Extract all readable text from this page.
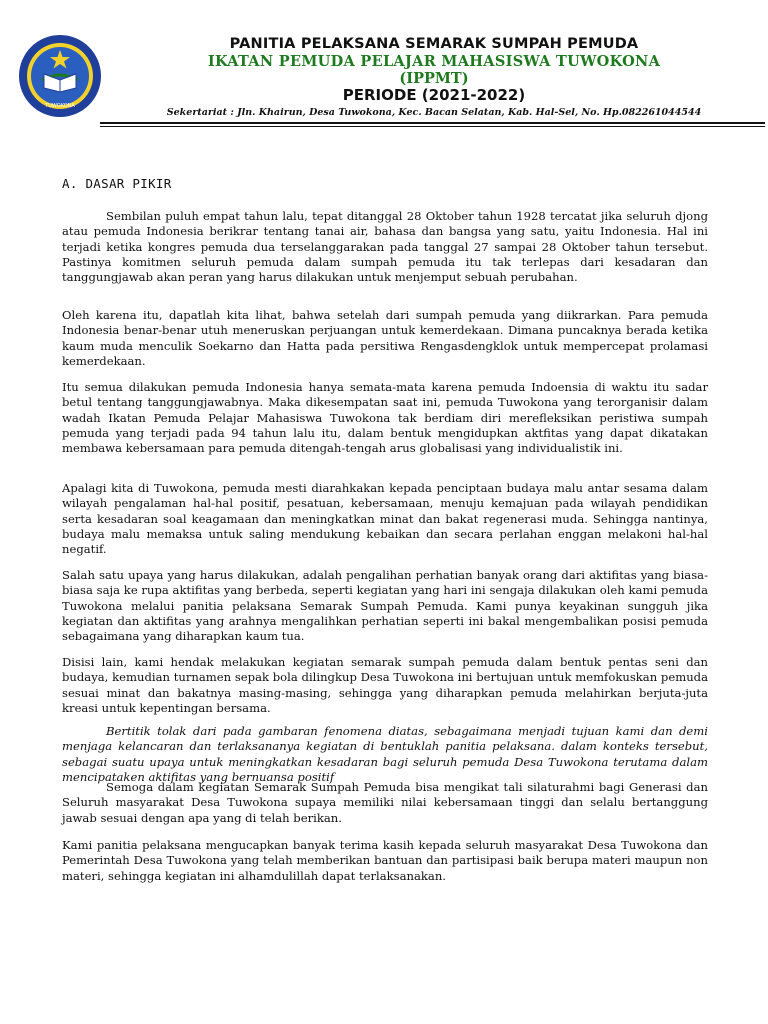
TUWOKONA
PANITIA PELAKSANA SEMARAK SUMPAH PEMUDA
IKATAN PEMUDA PELAJAR MAHASISWA TUWOKONA
(IPPMT)
PERIODE (2021-2022)
Sekertariat : Jln. Khairun, Desa Tuwokona, Kec. Bacan Selatan, Kab. Hal-Sel, No. Hp.082261044544
A. DASAR PIKIR

Sembilan puluh empat tahun lalu, tepat ditanggal 28 Oktober tahun 1928 tercatat jika seluruh djong atau pemuda Indonesia berikrar tentang tanai air, bahasa dan bangsa yang satu, yaitu Indonesia. Hal ini terjadi ketika kongres pemuda dua terselanggarakan pada tanggal 27 sampai 28 Oktober tahun tersebut. Pastinya komitmen seluruh pemuda dalam sumpah pemuda itu tak terlepas dari kesadaran dan tanggungjawab akan peran yang harus dilakukan untuk menjemput sebuah perubahan.

Oleh karena itu, dapatlah kita lihat, bahwa setelah dari sumpah pemuda yang diikrarkan. Para pemuda Indonesia benar-benar utuh meneruskan perjuangan untuk kemerdekaan. Dimana puncaknya berada ketika kaum muda menculik Soekarno dan Hatta pada persitiwa Rengasdengklok untuk mempercepat prolamasi kemerdekaan.

Itu semua dilakukan pemuda Indonesia hanya semata-mata karena pemuda Indoensia di waktu itu sadar betul tentang tanggungjawabnya. Maka dikesempatan saat ini, pemuda Tuwokona yang terorganisir dalam wadah Ikatan Pemuda Pelajar Mahasiswa Tuwokona tak berdiam diri merefleksikan peristiwa sumpah pemuda yang terjadi pada 94 tahun lalu itu, dalam bentuk mengidupkan aktfitas yang dapat dikatakan membawa kebersamaan para pemuda ditengah-tengah arus globalisasi yang individualistik ini.

Apalagi kita di Tuwokona, pemuda mesti diarahkakan kepada penciptaan budaya malu antar sesama dalam wilayah pengalaman hal-hal positif, pesatuan, kebersamaan, menuju kemajuan pada wilayah pendidikan serta kesadaran soal keagamaan dan meningkatkan minat dan bakat regenerasi muda. Sehingga nantinya, budaya malu memaksa untuk saling mendukung kebaikan dan secara perlahan enggan melakoni hal-hal negatif.

Salah satu upaya yang harus dilakukan, adalah pengalihan perhatian banyak orang dari aktifitas yang biasa-biasa saja ke rupa aktifitas yang berbeda, seperti kegiatan yang hari ini sengaja dilakukan oleh kami pemuda Tuwokona melalui panitia pelaksana Semarak Sumpah Pemuda. Kami punya keyakinan sungguh jika kegiatan dan aktifitas yang arahnya mengalihkan perhatian seperti ini bakal mengembalikan posisi pemuda sebagaimana yang diharapkan kaum tua.

Disisi lain, kami hendak melakukan kegiatan semarak sumpah pemuda dalam bentuk pentas seni dan budaya, kemudian turnamen sepak bola dilingkup Desa Tuwokona ini bertujuan untuk memfokuskan pemuda sesuai minat dan bakatnya masing-masing, sehingga yang diharapkan pemuda melahirkan berjuta-juta kreasi untuk kepentingan bersama.

Bertitik tolak dari pada gambaran fenomena diatas, sebagaimana menjadi tujuan kami dan demi menjaga kelancaran dan terlaksananya kegiatan di bentuklah panitia pelaksana. dalam konteks tersebut, sebagai suatu upaya untuk meningkatkan kesadaran bagi seluruh pemuda Desa Tuwokona terutama dalam mencipataken aktifitas yang bernuansa positif

Semoga dalam kegiatan Semarak Sumpah Pemuda bisa mengikat tali silaturahmi bagi Generasi dan Seluruh masyarakat Desa Tuwokona supaya memiliki nilai kebersamaan tinggi dan selalu bertanggung jawab sesuai dengan apa yang di telah berikan.

Kami panitia pelaksana mengucapkan banyak terima kasih kepada seluruh masyarakat Desa Tuwokona dan Pemerintah Desa Tuwokona yang telah memberikan bantuan dan partisipasi baik berupa materi maupun non materi, sehingga kegiatan ini alhamdulillah dapat terlaksanakan.
